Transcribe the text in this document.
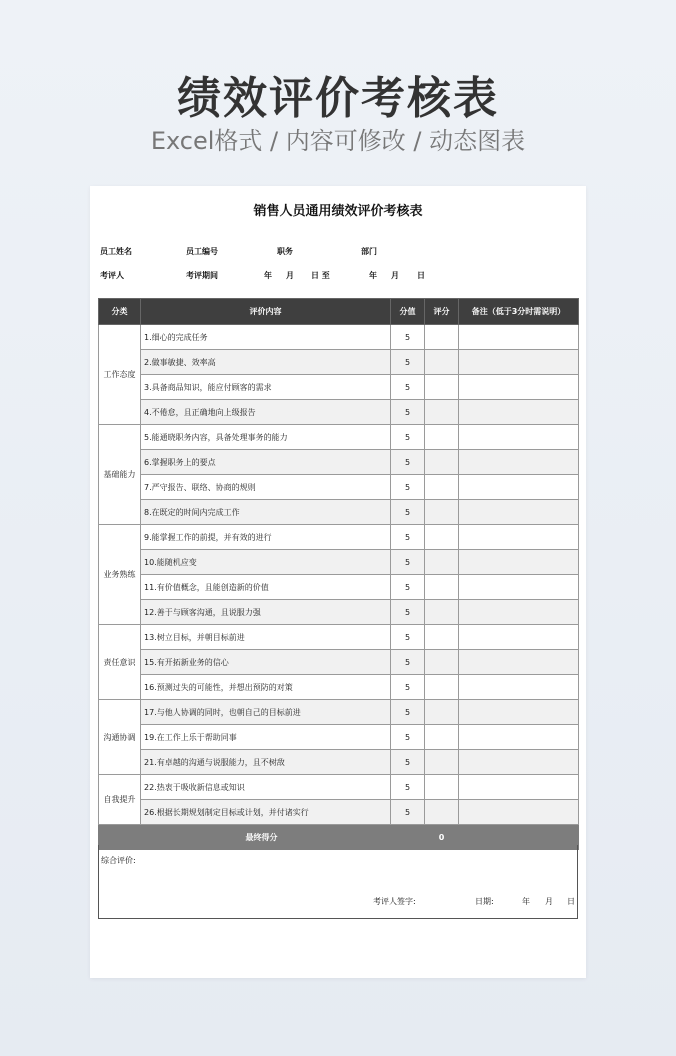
绩效评价考核表
Excel格式 / 内容可修改 / 动态图表
销售人员通用绩效评价考核表
员工姓名	员工编号	职务	部门
考评人	考评期间	年 月 日 至	年 月 日
分类	评价内容	分值	评分	备注（低于3分时需说明）
工作态度	1.细心的完成任务	5		
	2.做事敏捷、效率高	5		
	3.具备商品知识，能应付顾客的需求	5		
	4.不倦怠，且正确地向上级报告	5		
基础能力	5.能通晓职务内容，具备处理事务的能力	5		
	6.掌握职务上的要点	5		
	7.严守报告、联络、协商的规则	5		
	8.在既定的时间内完成工作	5		
业务熟练	9.能掌握工作的前提，并有效的进行	5		
	10.能随机应变	5		
	11.有价值概念，且能创造新的价值	5		
	12.善于与顾客沟通，且说服力强	5		
责任意识	13.树立目标，并朝目标前进	5		
	15.有开拓新业务的信心	5		
	16.预测过失的可能性，并想出预防的对策	5		
沟通协调	17.与他人协调的同时，也朝自己的目标前进	5		
	19.在工作上乐于帮助同事	5		
	21.有卓越的沟通与说服能力，且不树敌	5		
自我提升	22.热衷于吸收新信息或知识	5		
	26.根据长期规划制定目标或计划，并付诸实行	5		
最终得分			0	
综合评价:
考评人签字:	日期:	年 月 日
